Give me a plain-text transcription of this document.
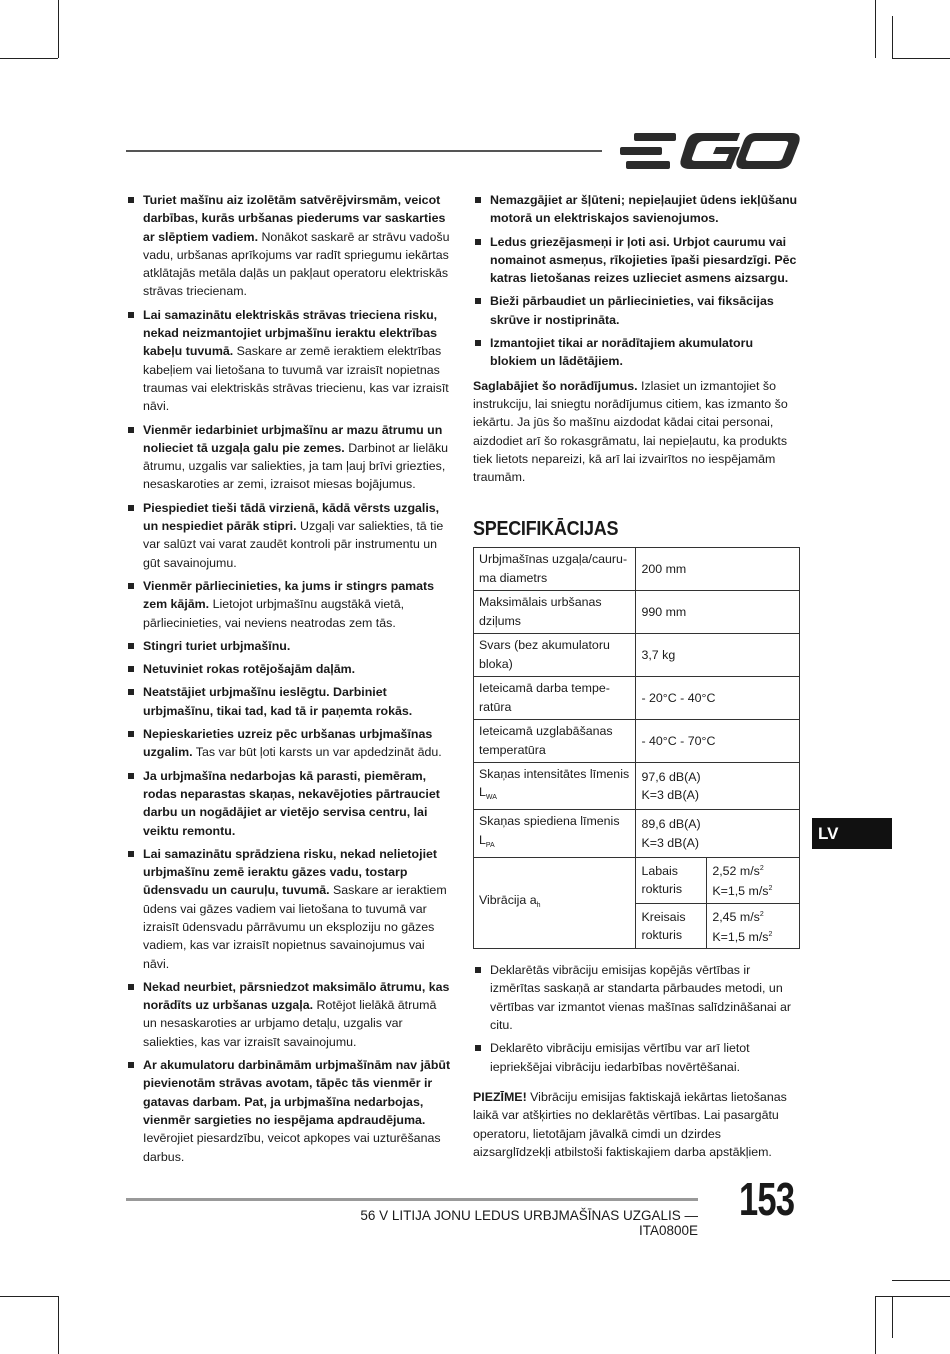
Turiet mašīnu aiz izolētām satvērējvirsmām, veicot darbības, kurās urbšanas piederums var saskarties ar slēptiem vadiem. Nonākot saskarē ar strāvu vadošu vadu, urbšanas aprīkojums var radīt spriegumu iekārtas atklātajās metāla daļās un pakļaut operatoru elektriskās strāvas triecienam.
Lai samazinātu elektriskās strāvas trieciena risku, nekad neizmantojiet urbjmašīnu ieraktu elektrības kabeļu tuvumā. Saskare ar zemē ieraktiem elektrības kabeļiem vai lietošana to tuvumā var izraisīt nopietnas traumas vai elektriskās strāvas triecienu, kas var izraisīt nāvi.
Vienmēr iedarbiniet urbjmašīnu ar mazu ātrumu un nolieciet tā uzgaļa galu pie zemes. Darbinot ar lielāku ātrumu, uzgalis var saliekties, ja tam ļauj brīvi griezties, nesaskaroties ar zemi, izraisot miesas bojājumus.
Piespiediet tieši tādā virzienā, kādā vērsts uzgalis, un nespiediet pārāk stipri. Uzgaļi var saliekties, tā tie var salūzt vai varat zaudēt kontroli pār instrumentu un gūt savainojumu.
Vienmēr pārliecinieties, ka jums ir stingrs pamats zem kājām. Lietojot urbjmašīnu augstākā vietā, pārliecinieties, vai neviens neatrodas zem tās.
Stingri turiet urbjmašīnu.
Netuviniet rokas rotējošajām daļām.
Neatstājiet urbjmašīnu ieslēgtu. Darbiniet urbjmašīnu, tikai tad, kad tā ir paņemta rokās.
Nepieskarieties uzreiz pēc urbšanas urbjmašīnas uzgalim. Tas var būt ļoti karsts un var apdedzināt ādu.
Ja urbjmašīna nedarbojas kā parasti, piemēram, rodas neparastas skaņas, nekavējoties pārtrauciet darbu un nogādājiet ar vietējo servisa centru, lai veiktu remontu.
Lai samazinātu sprādziena risku, nekad nelietojiet urbjmašīnu zemē ieraktu gāzes vadu, tostarp ūdensvadu un cauruļu, tuvumā. Saskare ar ieraktiem ūdens vai gāzes vadiem vai lietošana to tuvumā var izraisīt ūdensvadu pārrāvumu un eksploziju no gāzes vadiem, kas var izraisīt nopietnus savainojumus vai nāvi.
Nekad neurbiet, pārsniedzot maksimālo ātrumu, kas norādīts uz urbšanas uzgaļa. Rotējot lielākā ātrumā un nesaskaroties ar urbjamo detaļu, uzgalis var saliekties, kas var izraisīt savainojumu.
Ar akumulatoru darbināmām urbjmašīnām nav jābūt pievienotām strāvas avotam, tāpēc tās vienmēr ir gatavas darbam. Pat, ja urbjmašīna nedarbojas, vienmēr sargieties no iespējama apdraudējuma. Ievērojiet piesardzību, veicot apkopes vai uzturēšanas darbus.
Nemazgājiet ar šļūteni; nepieļaujiet ūdens iekļūšanu motorā un elektriskajos savienojumos.
Ledus griezējasmeņi ir ļoti asi. Urbjot caurumu vai nomainot asmeņus, rīkojieties īpaši piesardzīgi. Pēc katras lietošanas reizes uzlieciet asmens aizsargu.
Bieži pārbaudiet un pārliecinieties, vai fiksācijas skrūve ir nostiprināta.
Izmantojiet tikai ar norādītajiem akumulatoru blokiem un lādētājiem.
Saglabājiet šo norādījumus. Izlasiet un izmantojiet šo instrukciju, lai sniegtu norādījumus citiem, kas izmanto šo iekārtu. Ja jūs šo mašīnu aizdodat kādai citai personai, aizdodiet arī šo rokasgrāmatu, lai nepieļautu, ka produkts tiek lietots nepareizi, kā arī lai izvairītos no iespējamām traumām.
SPECIFIKĀCIJAS
Urbjmašīnas uzgaļa/cauru-ma diametrs	200 mm	
Maksimālais urbšanas dziļums	990 mm	
Svars (bez akumulatoru bloka)	3,7 kg	
Ieteicamā darba tempe-ratūra	- 20°C - 40°C	
Ieteicamā uzglabāšanas temperatūra	- 40°C - 70°C	
Skaņas intensitātes līmenis $L_{WA}$	97,6 dB(A)
K=3 dB(A)	

Skaņas spiediena līmenis $L_{PA}$	89,6 dB(A)
K=3 dB(A)	

Vibrācija $a_h$	Labais rokturis	2,52 $m/s^2$
K=1,5 $m/s^2$

	Kreisais rokturis	2,45 $m/s^2$
K=1,5 $m/s^2$
Deklarētās vibrāciju emisijas kopējās vērtības ir izmērītas saskaņā ar standarta pārbaudes metodi, un vērtības var izmantot vienas mašīnas salīdzināšanai ar citu.
Deklarēto vibrāciju emisijas vērtību var arī lietot iepriekšējai vibrāciju iedarbības novērtēšanai.
PIEZĪME! Vibrāciju emisijas faktiskajā iekārtas lietošanas laikā var atšķirties no deklarētās vērtības. Lai pasargātu operatoru, lietotājam jāvalkā cimdi un dzirdes aizsarglīdzekļi atbilstoši faktiskajiem darba apstākļiem.
LV
56 V LITIJA JONU LEDUS URBJMAŠĪNAS UZGALIS — ITA0800E
153
